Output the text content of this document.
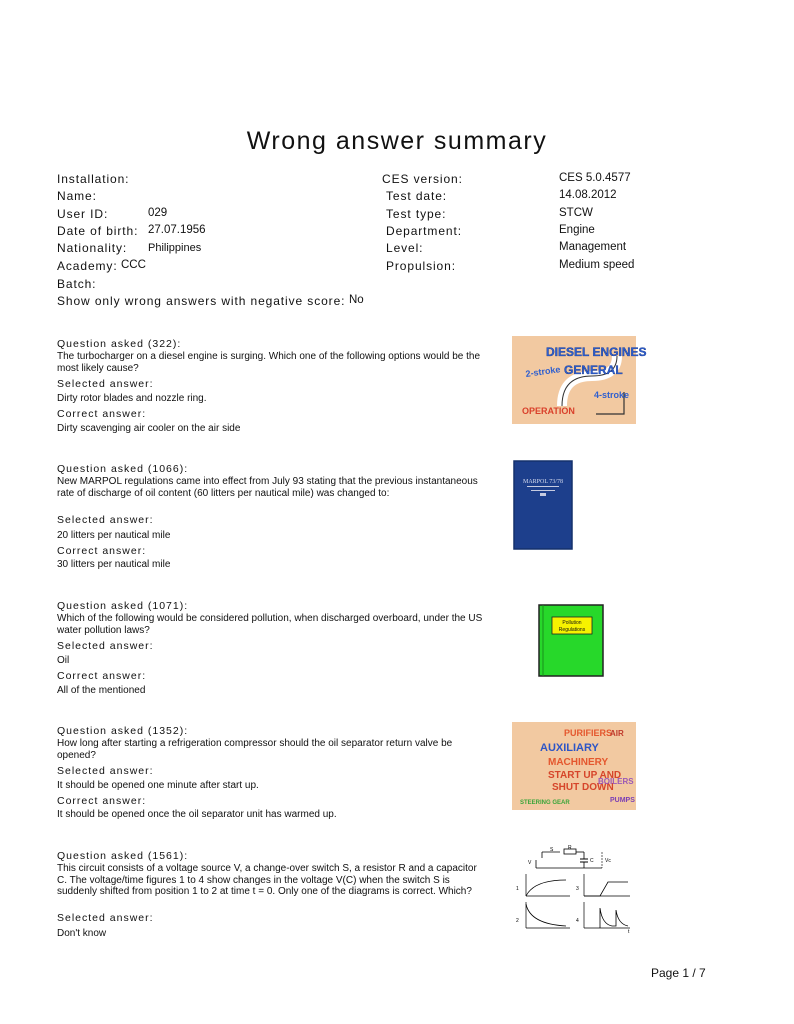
Wrong answer summary
Installation:
Name:
User ID:	029
Date of birth: 27.07.1956
Nationality: Philippines
Academy: CCC
Batch:
Show only wrong answers with negative score: No
CES version:	CES 5.0.4577
Test date:	14.08.2012
Test type:	STCW
Department:	Engine
Level:	Management
Propulsion:	Medium speed
Question asked (322):
The turbocharger on a diesel engine is surging. Which one of the following options would be the most likely cause?
Selected answer:
Dirty rotor blades and nozzle ring.
Correct answer:
Dirty scavenging air cooler on the air side
Question asked (1066):
New MARPOL regulations came into effect from July 93 stating that the previous instantaneous rate of discharge of oil content (60 litters per nautical mile) was changed to:
Selected answer:
20 litters per nautical mile
Correct answer:
30 litters per nautical mile
Question asked (1071):
Which of the following would be considered pollution, when discharged overboard, under the US water pollution laws?
Selected answer:
Oil
Correct answer:
All of the mentioned
Question asked (1352):
How long after starting a refrigeration compressor should the oil separator return valve be opened?
Selected answer:
It should be opened one minute after start up.
Correct answer:
It should be opened once the oil separator unit has warmed up.
Question asked (1561):
This circuit consists of a voltage source V, a change-over switch S, a resistor R and a capacitor C. The voltage/time figures 1 to 4 show changes in the voltage V(C) when the switch S is suddenly shifted from position 1 to 2 at time t = 0. Only one of the diagrams is correct. Which?
Selected answer:
Don't know
DIESEL ENGINES
GENERAL
2-stroke
4-stroke
OPERATION
MARPOL 73/78
Pollution
Regulations
PURIFIERS
AIR
AUXILIARY
MACHINERY
START UP AND
SHUT DOWN
STEERING GEAR	PUMPS
BOILERS
S	R
V	C Vc
1	3
2	4
t
Page 1 / 7
